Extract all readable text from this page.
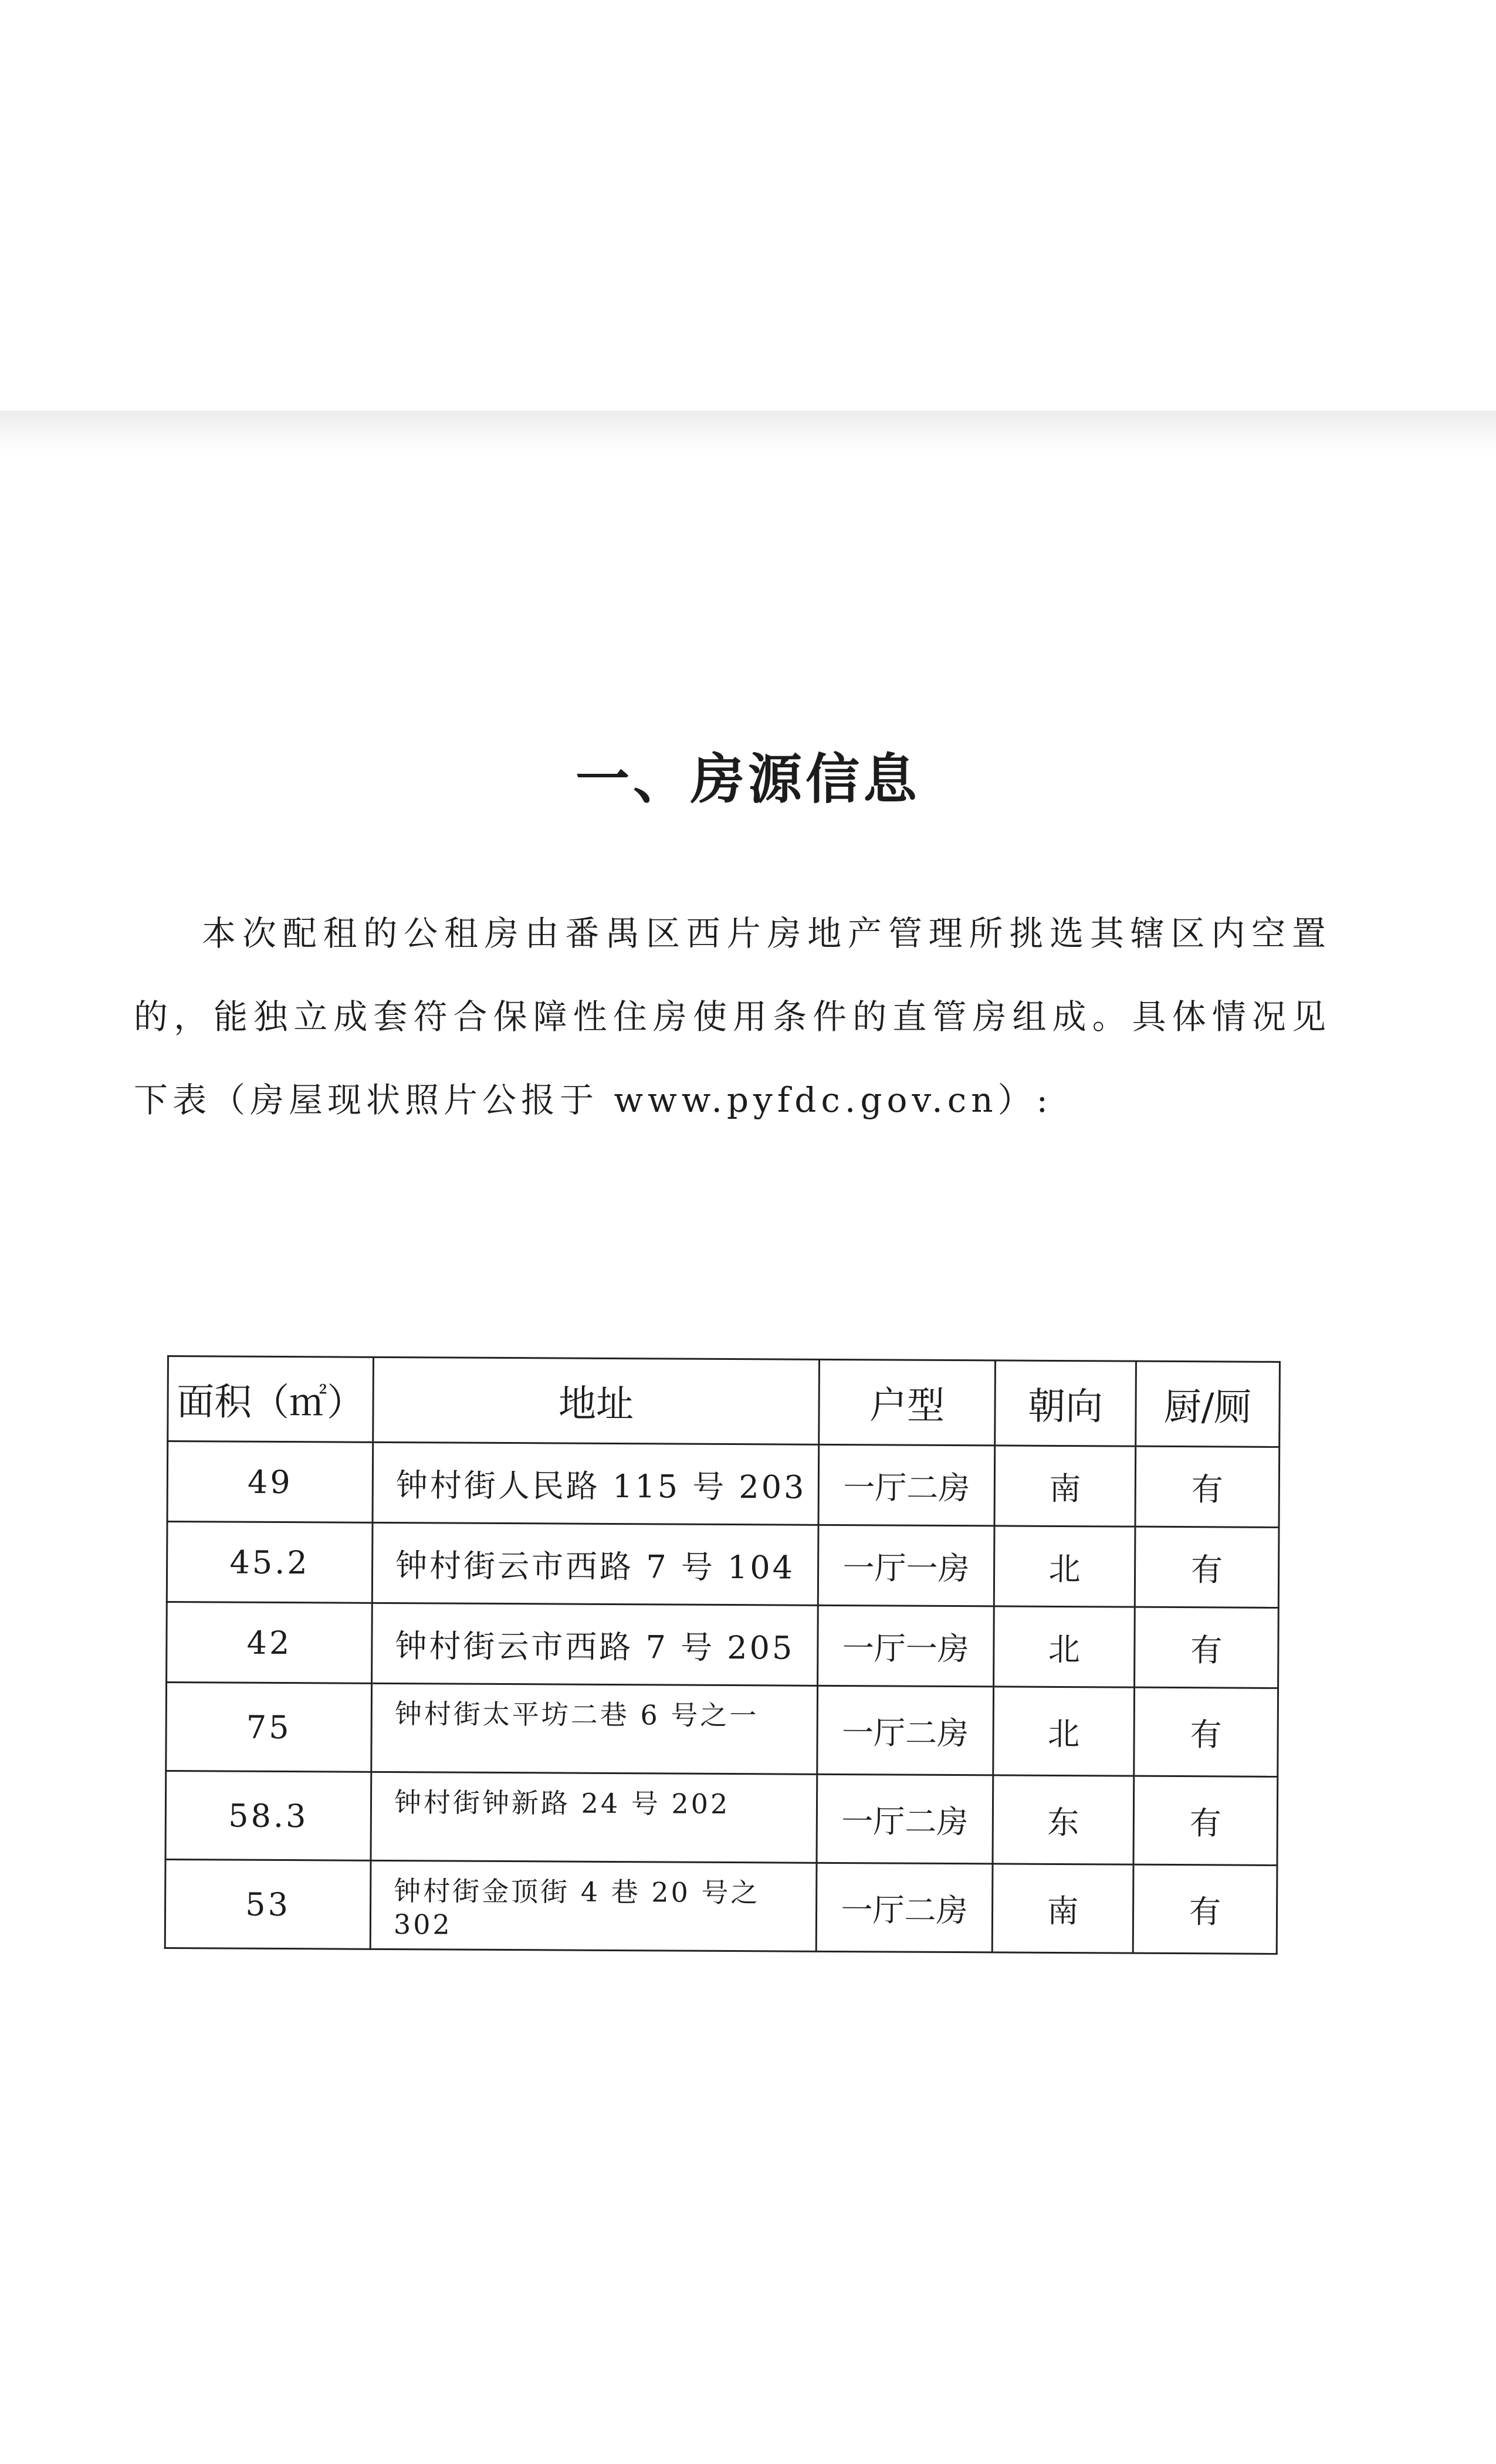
一、房源信息

本次配租的公租房由番禺区西片房地产管理所挑选其辖区内空置的，能独立成套符合保障性住房使用条件的直管房组成。具体情况见下表（房屋现状照片公报于 www.pyfdc.gov.cn）:

面积（㎡）	地址	户型	朝向	厨/厕
49	钟村街人民路 115 号 203	一厅二房	南	有
45.2	钟村街云市西路 7 号 104	一厅一房	北	有
42	钟村街云市西路 7 号 205	一厅一房	北	有
75	钟村街太平坊二巷 6 号之一	一厅二房	北	有
58.3	钟村街钟新路 24 号 202	一厅二房	东	有
53	钟村街金顶街 4 巷 20 号之 302	一厅二房	南	有
